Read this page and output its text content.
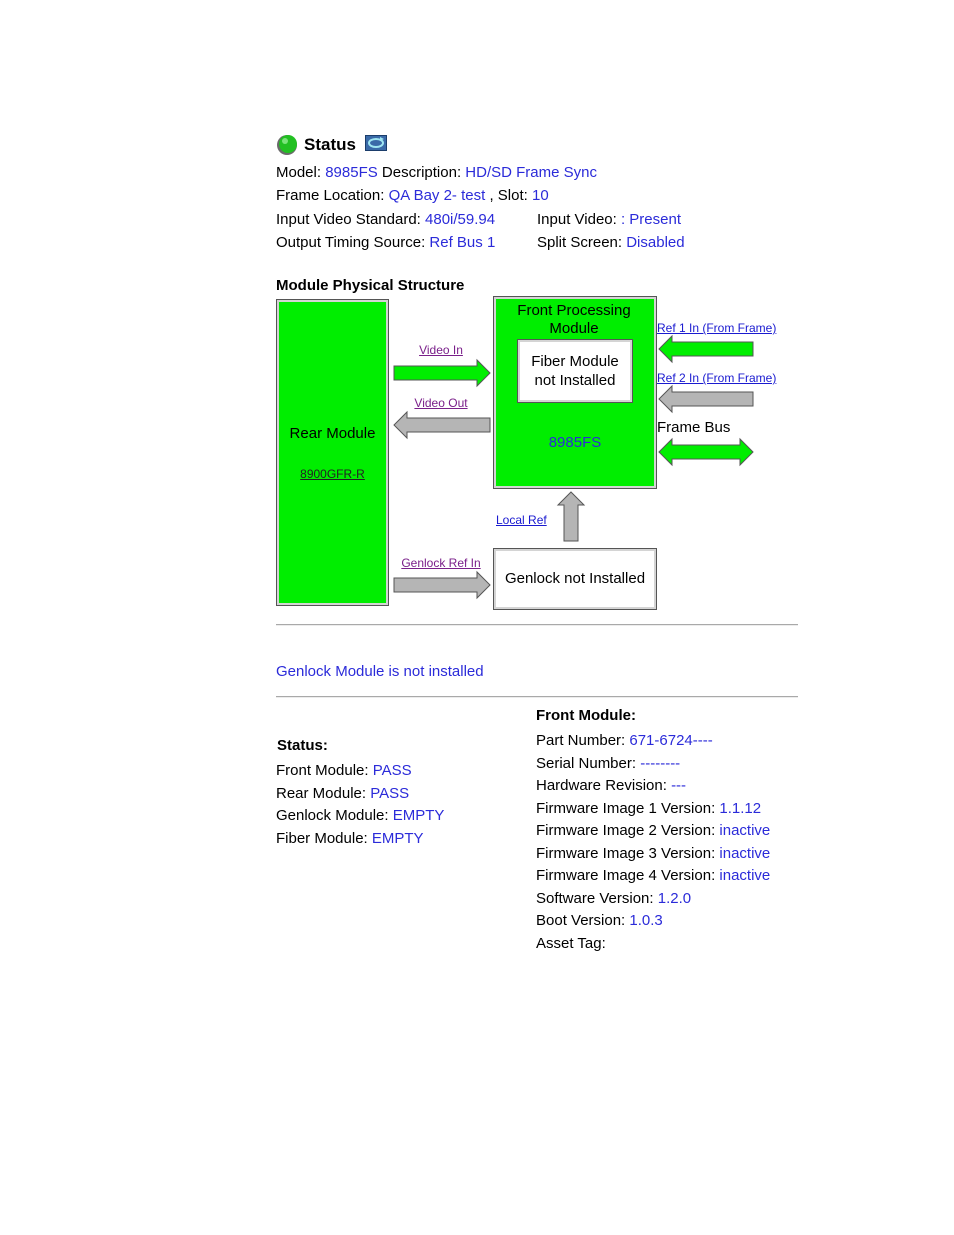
Status
Model: 8985FS Description: HD/SD Frame Sync
Frame Location: QA Bay 2- test , Slot: 10
Input Video Standard: 480i/59.94	Input Video: : Present
Output Timing Source: Ref Bus 1	Split Screen: Disabled
Module Physical Structure
Rear Module
8900GFR-R
Video In
Video Out
Front Processing Module
Fiber Module not Installed
8985FS
Ref 1 In (From Frame)
Ref 2 In (From Frame)
Frame Bus
Local Ref
Genlock Ref In
Genlock not Installed
Genlock Module is not installed
Status:
Front Module: PASS
Rear Module: PASS
Genlock Module: EMPTY
Fiber Module: EMPTY
Front Module:
Part Number: 671-6724----
Serial Number: --------
Hardware Revision: ---
Firmware Image 1 Version: 1.1.12
Firmware Image 2 Version: inactive
Firmware Image 3 Version: inactive
Firmware Image 4 Version: inactive
Software Version: 1.2.0
Boot Version: 1.0.3
Asset Tag:
